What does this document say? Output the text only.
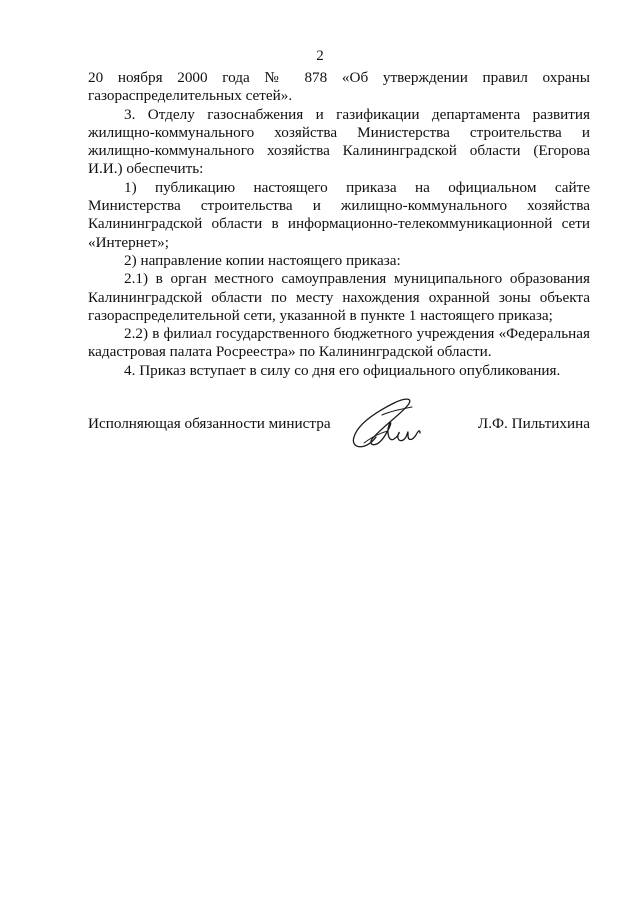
2

20 ноября 2000 года № 878 «Об утверждении правил охраны газораспределительных сетей».

3. Отделу газоснабжения и газификации департамента развития жилищно-коммунального хозяйства Министерства строительства и жилищно-коммунального хозяйства Калининградской области (Егорова И.И.) обеспечить:

1) публикацию настоящего приказа на официальном сайте Министерства строительства и жилищно-коммунального хозяйства Калининградской области в информационно-телекоммуникационной сети «Интернет»;

2) направление копии настоящего приказа:

2.1) в орган местного самоуправления муниципального образования Калининградской области по месту нахождения охранной зоны объекта газораспределительной сети, указанной в пункте 1 настоящего приказа;

2.2) в филиал государственного бюджетного учреждения «Федеральная кадастровая палата Росреестра» по Калининградской области.

4. Приказ вступает в силу со дня его официального опубликования.

Исполняющая обязанности министра	Л.Ф. Пильтихина
